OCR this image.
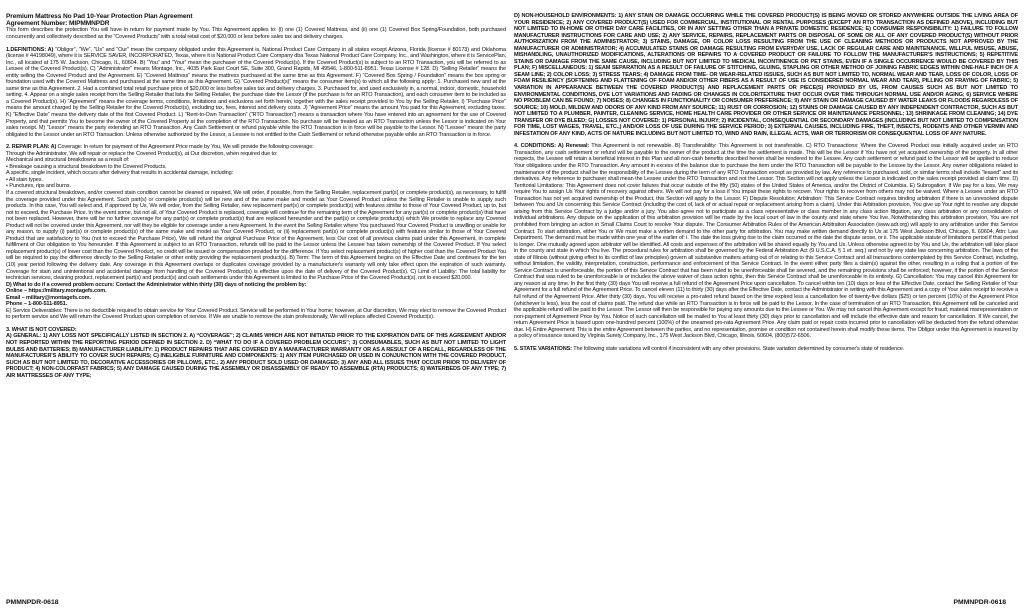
Premium Mattress No Pad 10-Year Protection Plan Agreement
Agreement Number: MIPMMNPDR

This form describes the protection You will have in return for payment made by You. This Agreement applies to: (i) one (1) Covered Mattress, and (ii) one (1) Covered Box Spring/Foundation, both purchased concurrently and collectively described as the “Covered Products” with a total retail cost of $20,000 or less before sales tax and delivery charges.

1.DEFINITIONS: A) “Obligor”, “We”, “Us” and “Our” mean the company obligated under this Agreement is, National Product Care Company in all states except Arizona, Florida (license # 80173) and Oklahoma (license # 44198049), where it is SERVICE SAVER, INCORPORATED, Texas, where it is National Product Care Company dba Texas National Product Care Company, Inc., and Washington, where it is ServicePlan, Inc., all located at 175 W. Jackson, Chicago, IL, 60604. B) “You” and “Your” mean the purchaser of the Covered Product(s). If the Covered Product(s) is subject to an RTO Transaction, you will be referred to as Lessee of the Covered Product(s). C) “Administrator” means Montage, Inc., 4035 Park East Court SE, Suite 300, Grand Rapids, MI 49546, 1-800-511-8951. Texas License # 128. D) “Selling Retailer” means the entity selling the Covered Product and the Agreement. E) “Covered Mattress” means the mattress purchased at the same time as this Agreement. F) “Covered Box Spring / Foundation” means the box spring or foundation used with the Covered Mattress and purchased at the same time as this Agreement. G) “Covered Product(s)” means the consumer item(s) to which all the following apply: 1. Purchased new and at the same time as this Agreement. 2. Had a combined total retail purchase price of $20,000 or less before sales tax and delivery charges. 3. Purchased for, and used exclusively in, a normal, indoor, domestic, household setting. 4. Appear on a single sales receipt from the Selling Retailer that lists the Selling Retailer, the purchase date the Lessor (if the purchase is for an RTO Transaction), and each consumer item to be included as a Covered Product(s). H) “Agreement” means the coverage terms, conditions, limitations and exclusions set forth herein, together with the sales receipt provided to You by the Selling Retailer. I) “Purchase Price” means the amount charged by the Selling Retailer for the Covered Product(s), excluding tax, fees, interest and delivery costs. J) “Agreement Price” means the amount You paid for this Agreement, excluding taxes. K) “Effective Date” means the delivery date of the first Covered Product. L) “Rent-to-Own Transaction” (“RTO Transaction”) means a transaction where You have entered into an agreement for the use of Covered Property, and that permits You to become the owner of the Covered Property at the completion of the RTO Transaction. No purchase will be treated as an RTO Transaction unless the Lessor is indicated on Your sales receipt. M) “Lessor” means the party extending an RTO Transaction. Any Cash Settlement or refund payable while the RTO Transaction is in force will be payable to the Lessor. N) “Lessee” means the party obligated to the Lessor under an RTO Transaction. Unless otherwise authorized by the Lessor, a Lessee is not entitled to the Cash Settlement or refund otherwise payable while an RTO Transaction is in force.

2. REPAIR PLAN: A) Coverage: In return for payment of the Agreement Price made by You, We will provide the following coverage:
Through the Administrator, We will repair or replace the Covered Product(s), at Our discretion, when required due to:
Mechanical and structural breakdowns as a result of:
• Breakage causing a structural breakdown to the Covered Products.
A specific, single incident, which occurs after delivery that results in accidental damage, including:
• All stain types.
• Punctures, rips and burns.
If a covered structural breakdown, and/or covered stain condition cannot be cleaned or repaired, We will order, if possible, from the Selling Retailer, replacement part(s) or complete product(s), as necessary, to fulfill the coverage provided under this Agreement. Such part(s) or complete product(s) will be new and of the same make and model as Your Covered Product unless the Selling Retailer is unable to supply such products. In this case, You will select and, if approved by Us, We will order, from the Selling Retailer, new replacement part(s) or complete product(s) with features similar to those of Your Covered Product, up to, but not to exceed, the Purchase Price. In the event some, but not all, of Your Covered Product is replaced, coverage will continue for the remaining term of the Agreement for any part(s) or complete product(s) that have not been replaced. However, there will be no further coverage for any part(s) or complete product(s) that are replaced hereunder and the part(s) or complete product(s) which We provide to replace any Covered Product will not be covered under this Agreement, nor will they be eligible for coverage under a new Agreement. In the event the Selling Retailer where You purchased Your Covered Product is unwilling or unable for any reason, to supply (i) part(s) or complete product(s) of the same make and model as Your Covered Product, or (ii) replacement part(s) or complete product(s) with features similar to those of Your Covered Product that are satisfactory to You (not to exceed the Purchase Price), We will refund the original Purchase Price of the Agreement, less Our cost of all previous claims paid under this Agreement, in complete fulfillment of Our obligation to You hereunder. If this Agreement is subject to an RTO Transaction, refunds will be paid to the Lessor unless the Lessee has taken ownership of the Covered Product. If You select replacement product(s) of lower cost than the Covered Product, no credit will be issued or compensation provided for the difference. If You select replacement product(s) of higher cost than the Covered Product You will be required to pay the difference directly to the Selling Retailer or other entity providing the replacement product(s). B) Term: The term of this Agreement begins on the Effective Date and continues for the ten (10) year period following the delivery date. Any coverage in this Agreement overlaps or duplicates coverage provided by a manufacturer's warranty will only take effect upon the expiration of such warranty. Coverage for stain and unintentional and accidental damage from handling of the Covered Product(s) is effective upon the date of delivery of the Covered Product(s). C) Limit of Liability: The total liability for technician services, cleaning product, replacement part(s) and product(s) and cash settlements under this Agreement is limited to the Purchase Price of the Covered Product(s), not to exceed $20,000.
D) What to do if a covered problem occurs: Contact the Administrator within thirty (30) days of noticing the problem by:
Online – https://military.montagefs.com.
Email – military@montagefs.com.
Phone – 1-800-511-8951.

E) Service Deliverables: There is no deductible required to obtain service for Your Covered Product. Service will be performed in Your home; however, at Our discretion, We may elect to remove the Covered Product to perform service and We will return the Covered Product upon completion of service. If We are unable to remove the stain professionally, We will replace affected Covered Product(s).

3. WHAT IS NOT COVERED:
A) GENERAL: 1) ANY LOSS NOT SPECIFICALLY LISTED IN SECTION 2. A) “COVERAGE”; 2) CLAIMS WHICH ARE NOT INITIATED PRIOR TO THE EXPIRATION DATE OF THIS AGREEMENT AND/OR NOT REPORTED WITHIN THE REPORTING PERIOD DEFINED IN SECTION 2. D) “WHAT TO DO IF A COVERED PROBLEM OCCURS”; 3) CONSUMABLES, SUCH AS BUT NOT LIMITED TO LIGHT BULBS AND BATTERIES; B) MANUFACTURER LIABILITY: 1) PRODUCT REPAIRS THAT ARE COVERED BY A MANUFACTURER WARRANTY OR AS A RESULT OF A RECALL, REGARDLESS OF THE MANUFACTURER'S ABILITY TO COVER SUCH REPAIRS; C) INELIGIBLE FURNITURE AND COMPONENTS: 1) ANY ITEM PURCHASED OR USED IN CONJUNCTION WITH THE COVERED PRODUCT, SUCH AS BUT NOT LIMITED TO, DECORATIVE ACCESSORIES OR PILLOWS, ETC.; 2) ANY PRODUCT SOLD USED OR DAMAGED; 3) ANY AND ALL ISSUES THAT OCCUR PRIOR TO DELIVERY OF PRODUCT; 4) NON-COLORFAST FABRICS; 5) ANY DAMAGE CAUSED DURING THE ASSEMBLY OR DISASSEMBLY OF READY TO ASSEMBLE (RTA) PRODUCTS; 6) WATERBEDS OF ANY TYPE; 7) AIR MATTRESSES OF ANY TYPE;

D) NON-HOUSEHOLD ENVIRONMENTS: 1) ANY STAIN OR DAMAGE OCCURRING WHILE THE COVERED PRODUCT(S) IS BEING MOVED OR STORED ANYWHERE OUTSIDE THE LIVING AREA OF YOUR RESIDENCE; 2) ANY COVERED PRODUCT(S) USED FOR COMMERCIAL, INSTITUTIONAL OR RENTAL PURPOSES (EXCEPT AN RTO TRANSACTION AS DEFINED ABOVE), INCLUDING BUT NOT LIMITED TO IN-HOME OR OTHER DAY CARE FACILITIES, OR IN ANY SETTING OTHER THAN A PRIVATE DOMESTIC RESIDENCE; E) CONSUMER RESPONSIBILITY: 1) FAILURE TO FOLLOW MANUFACTURER INSTRUCTIONS FOR CARE AND USE; 2) ANY SERVICE, REPAIRS, REPLACEMENT PARTS OR DISPOSAL OF SOME OR ALL OF ANY COVERED PRODUCT(S) WITHOUT PRIOR AUTHORIZATION FROM THE ADMINISTRATOR; 3) STAINS, DAMAGE, OR COLOR LOSS RESULTING FROM THE USE OF CLEANING METHODS OR PRODUCTS NOT APPROVED BY THE MANUFACTURER OR ADMINISTRATOR; 4) ACCUMULATED STAINS OR DAMAGE RESULTING FROM EVERYDAY USE, LACK OF REGULAR CARE AND MAINTENANCE, WILLFUL MISUSE, ABUSE, MISHANDLING, UNAUTHORIZED MODIFICATIONS, ALTERATIONS OR REPAIRS TO A COVERED PRODUCT OR FAILURE TO FOLLOW THE MANUFACTURER'S INSTRUCTIONS; 5) REPETITIVE STAINS OR DAMAGE FROM THE SAME CAUSE, INCLUDING BUT NOT LIMITED TO MEDICAL INCONTINENCE OR PET STAINS, EVEN IF A SINGLE OCCURRENCE WOULD BE COVERED BY THIS PLAN; F) MISCELLANEOUS: 1) SEAM SEPARATION AS A RESULT OF FAILURE OF STITCHING, GLUING, STAPLING OR OTHER METHOD OF JOINING FABRIC EDGES WITHIN ONE-HALF INCH OF A SEAM LINE; 2) COLOR LOSS; 3) STRESS TEARS; 4) DAMAGE FROM TIME- OR WEAR-RELATED ISSUES, SUCH AS BUT NOT LIMITED TO, NORMAL WEAR AND TEAR, LOSS OF COLOR, LOSS OF FOAM RESILIENCY (SOFTENING AND FLATTENING OF FOAM AND/OR OTHER FIBERS AS A RESULT OF USE IS CONSIDERED NORMAL WEAR AND TEAR), PILLING OR FRAYING OF FABRIC; 5) VARIATION IN APPEARANCE BETWEEN THE COVERED PRODUCT(S) AND REPLACEMENT PARTS OR PIECE(S) PROVIDED BY US, FROM CAUSES SUCH AS BUT NOT LIMITED TO ENVIRONMENTAL CONDITIONS, DYE LOT VARIATIONS AND FADING OR CHANGES IN COLOR/TEXTURE THAT OCCUR OVER TIME THROUGH NORMAL USE AND/OR AGING; 6) SERVICE WHERE NO PROBLEM CAN BE FOUND; 7) NOISES; 8) CHANGES IN FUNCTIONALITY OR CONSUMER PREFERENCE; 9) ANY STAIN OR DAMAGE CAUSED BY WATER LEAKS OR FLOODS REGARDLESS OF SOURCE; 10) MOLD, MILDEW AND ODORS OF ANY KIND FROM ANY SOURCE; 11) RUST OR CORROSION; 12) STAINS OR DAMAGE CAUSED BY ANY INDEPENDENT CONTRACTOR, SUCH AS BUT NOT LIMITED TO A PLUMBER, PAINTER, CLEANING SERVICE, HOME HEALTH CARE PROVIDER OR OTHER SERVICE OR MAINTENANCE PERSONNEL; 13) SHRINKAGE FROM CLEANING; 14) DYE TRANSFER OR DYE BLEED; G) LOSSES NOT COVERED: 1) PERSONAL INJURY; 2) INCIDENTAL, CONSEQUENTIAL OR SECONDARY DAMAGES (INCLUDING BUT NOT LIMITED TO COMPENSATION FOR TIME, LOST WAGES, TRAVEL, ETC.,) AND/OR LOSS OF USE DURING THE SERVICE PERIOD; 3) EXTERNAL CAUSES, INCLUDING FIRE, THEFT, INSECTS, RODENTS AND OTHER VERMIN AND INFESTATION OF ANY KIND, ACTS OF NATURE INCLUDING BUT NOT LIMITED TO, WIND AND RAIN, ILLEGAL ACTS, WAR OR TERRORISM OR CONSEQUENTIAL LOSS OF ANY NATURE.

4. CONDITIONS: A) Renewal: This Agreement is not renewable. B) Transferability: This Agreement is not transferable. C) RTO Transactions: Where the Covered Product was initially acquired under an RTO Transaction, any cash settlement or refund will be payable to the owner of the product at the time the settlement is made. This will be the Lessor if You have not yet acquired ownership of the property. In all other respects, the Lessee will retain a beneficial interest in this Plan and all non-cash benefits described herein shall be rendered to the Lessee. Any cash settlement or refund paid to the Lessor will be applied to reduce Your obligations under the RTO Transaction. Any amount in excess of the balance due to purchase the item under the RTO Transaction will be payable to the Lessee by the Lessor. Any owner obligations related to maintenance of the product shall be the responsibility of the Lessee during the term of any RTO Transaction except as provided by law. Any reference to purchased, sold, or similar terms shall include “leased” and its derivatives. Any reference to purchaser shall mean the Lessee under the RTO Transaction and not the Lessor. This Section will not apply unless the Lessor is indicated on the sales receipt provided at claim time. D) Territorial Limitations: This Agreement does not cover failures that occur outside of the fifty (50) states of the United States of America, and/or the District of Columbia. E) Subrogation: If We pay for a loss, We may require You to assign Us Your rights of recovery against others. We will not pay for a loss if You impair these rights to recover. Your rights to recover from others may not be waived. Where a Lessee under an RTO Transaction has not yet acquired ownership of the Product, this Section will apply to the Lessor. F) Dispute Resolution: Arbitration: This Service Contract requires binding arbitration if there is an unresolved dispute between You and Us concerning this Service Contract (including the cost of, lack of or actual repair or replacement arising from a claim). Under this Arbitration provision, You give up Your right to resolve any dispute arising from this Service Contract by a judge and/or a jury. You also agree not to participate as a class representative or class member in any class action litigation, any class arbitration or any consolidation of individual arbitrations. Any dispute on the application of this arbitration provision will be made by the local court of law in the county and state where You live. Notwithstanding this arbitration provision, You are not prohibited from bringing an action in Small Claims Court to resolve Your dispute. The Consumer Arbitration Rules of the American Arbitration Association (www.adr.org) will apply to any arbitration under this Service Contract. To start arbitration, either You or We must make a written demand to the other party for arbitration. You may make written demand directly to Us at 175 West Jackson Blvd, Chicago, IL 60604, Attn: Law Department. The demand must be made within one year of the earlier of: i. The date the loss giving rise to the claim occurred or the date the dispute arose, or ii. The applicable statute of limitations period if that period is longer. One mutually agreed upon arbitrator will be identified. All costs and expenses of the arbitration will be shared equally by You and Us. Unless otherwise agreed to by You and Us, the arbitration will take place in the county and state in which You live. The procedural rules for arbitration shall be governed by the Federal Arbitration Act (9 U.S.C.A. § 1 et. seq.) and not by any state law concerning arbitration. The laws of the state of Illinois (without giving effect to its conflict of law principles) govern all substantive matters arising out of or relating to this Service Contract and all transactions contemplated by this Service Contract, including, without limitation, the validity, interpretation, construction, performance and enforcement of this Service Contract. In the event either party files a claim(s) against the other, resulting in a ruling that a portion of the Service Contract is unenforceable, the portion of this Service Contract that has been ruled to be unenforceable shall be severed, and the remaining provisions shall be enforced; however, if the portion of the Service Contract that was ruled to be unenforceable is or includes the above waiver of class action rights, then this Service Contract shall be unenforceable in its entirety. G) Cancellation: You may cancel this Agreement for any reason at any time. In the first thirty (30) days You will receive a full refund of the Agreement Price upon cancellation. To cancel within ten (10) days or less of the Effective Date, contact the Selling Retailer of Your Agreement for a full refund of the Agreement Price. To cancel eleven (11) to thirty (30) days after the Effective Date, contact the Administrator in writing with this Agreement and a copy of Your sales receipt to receive a full refund of the Agreement Price. After thirty (30) days, You will receive a pro-rated refund based on the time expired less a cancellation fee of twenty-five dollars ($25) or ten percent (10%) of the Agreement Price (whichever is less), less the cost of claims paid. The refund due while an RTO Transaction is in force will be paid to the Lessor. In the case of termination of an RTO Transaction, this Agreement will be canceled and the applicable refund will be paid to the Lessor. The Lessor will then be responsible for paying any amounts due to the Lessee or You. We may not cancel this Agreement except for fraud, material misrepresentation or non-payment of Agreement Price by You. Notice of such cancellation will be mailed to You at least thirty (30) days prior to cancellation and will include the effective date and reason for cancellation. If We cancel, the return Agreement Price is based upon one-hundred percent (100%) of the unearned pro-rata Agreement Price. Any claim paid or repair costs incurred prior to cancellation will be deducted from the refund otherwise due. H) Entire Agreement: This is the entire Agreement between the parties, and no representation, promise or condition not contained herein shall modify these items. The Obligor under this Agreement is insured by a policy of insurance issued by Virginia Surety Company, Inc., 175 West Jackson Blvd, Chicago, Illinois, 60604, (800)572-6506.

5. STATE VARIATIONS: The following state variations will control if inconsistent with any other provisions. State variation determined by consumer's state of residence.

PMMNPDR-0618	PMMNPDR-0618
